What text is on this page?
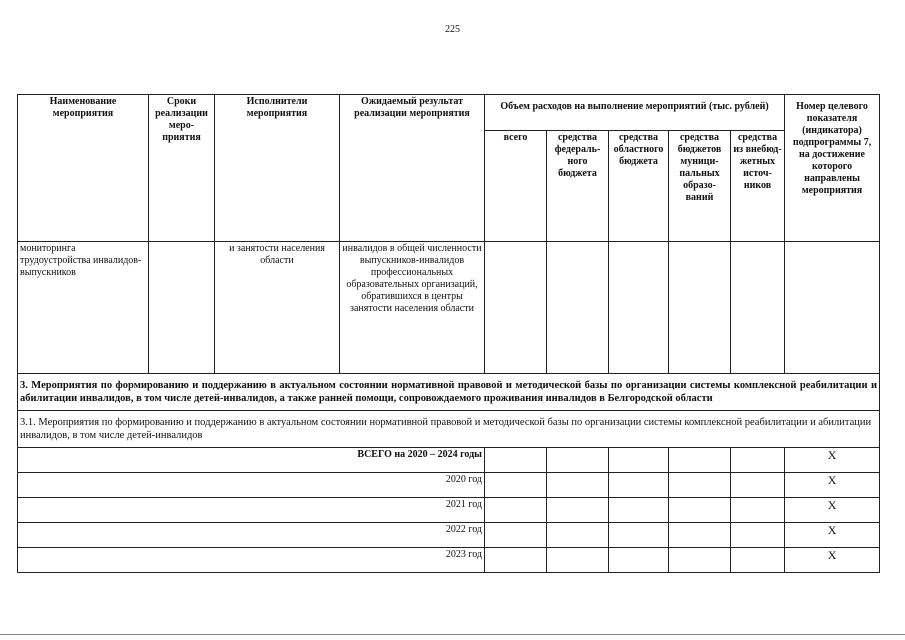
225
Наименование мероприятия	Сроки реализации меро-приятия	Исполнители мероприятия	Ожидаемый результат реализации мероприятия	Объем расходов на выполнение мероприятий (тыс. рублей)					Номер целевого показателя (индикатора) подпрограммы 7, на достижение которого направлены мероприятия
				всего	средства федераль-ного бюджета	средства областного бюджета	средства бюджетов муници-пальных образо-ваний	средства из внебюд-жетных источ-ников	
мониторинга трудоустройства инвалидов-выпускников		и занятости населения области	инвалидов в общей численности выпускников-инвалидов профессиональных образовательных организаций, обратившихся в центры занятости населения области						
3. Мероприятия по формированию и поддержанию в актуальном состоянии нормативной правовой и методической базы по организации системы комплексной реабилитации и абилитации инвалидов, в том числе детей-инвалидов, а также ранней помощи, сопровождаемого проживания инвалидов в Белгородской области									
3.1. Мероприятия по формированию и поддержанию в актуальном состоянии нормативной правовой и методической базы по организации системы комплексной реабилитации и абилитации инвалидов, в том числе детей-инвалидов									
ВСЕГО на 2020 – 2024 годы									X
2020 год									X
2021 год									X
2022 год									X
2023 год									X
